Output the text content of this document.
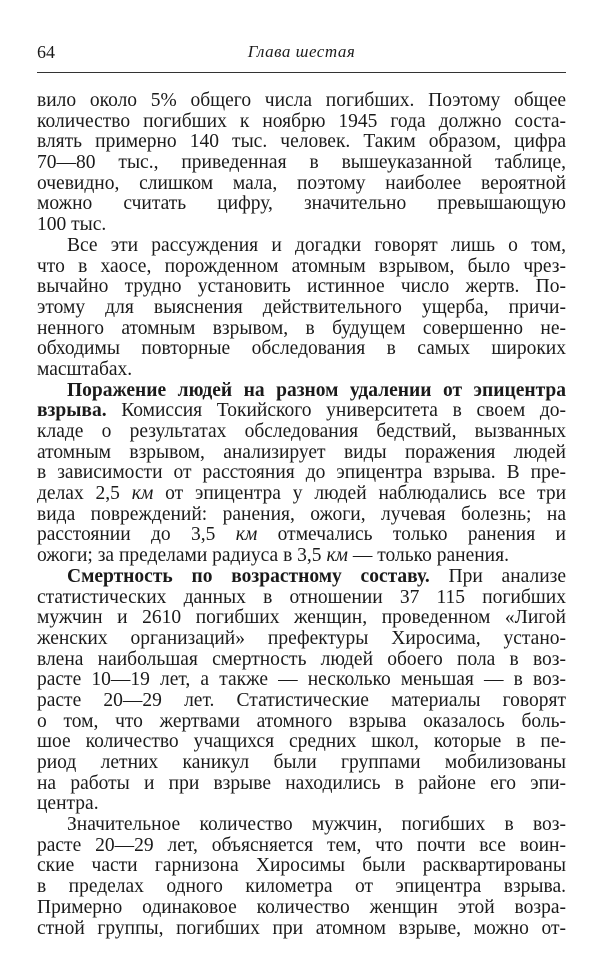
64	Глава шестая
вило около 5% общего числа погибших. Поэтому общее
количество погибших к ноябрю 1945 года должно соста-
влять примерно 140 тыс. человек. Таким образом, цифра
70—80 тыс., приведенная в вышеуказанной таблице,
очевидно, слишком мала, поэтому наиболее вероятной
можно считать цифру, значительно превышающую
100 тыс.
Все эти рассуждения и догадки говорят лишь о том,
что в хаосе, порожденном атомным взрывом, было чрез-
вычайно трудно установить истинное число жертв. По-
этому для выяснения действительного ущерба, причи-
ненного атомным взрывом, в будущем совершенно не-
обходимы повторные обследования в самых широких
масштабах.
Поражение людей на разном удалении от эпицентра
взрыва. Комиссия Токийского университета в своем до-
кладе о результатах обследования бедствий, вызванных
атомным взрывом, анализирует виды поражения людей
в зависимости от расстояния до эпицентра взрыва. В пре-
делах 2,5 км от эпицентра у людей наблюдались все три
вида повреждений: ранения, ожоги, лучевая болезнь; на
расстоянии до 3,5 км отмечались только ранения и
ожоги; за пределами радиуса в 3,5 км — только ранения.
Смертность по возрастному составу. При анализе
статистических данных в отношении 37 115 погибших
мужчин и 2610 погибших женщин, проведенном «Лигой
женских организаций» префектуры Хиросима, устано-
влена наибольшая смертность людей обоего пола в воз-
расте 10—19 лет, а также — несколько меньшая — в воз-
расте 20—29 лет. Статистические материалы говорят
о том, что жертвами атомного взрыва оказалось боль-
шое количество учащихся средних школ, которые в пе-
риод летних каникул были группами мобилизованы
на работы и при взрыве находились в районе его эпи-
центра.
Значительное количество мужчин, погибших в воз-
расте 20—29 лет, объясняется тем, что почти все воин-
ские части гарнизона Хиросимы были расквартированы
в пределах одного километра от эпицентра взрыва.
Примерно одинаковое количество женщин этой возра-
стной группы, погибших при атомном взрыве, можно от-
